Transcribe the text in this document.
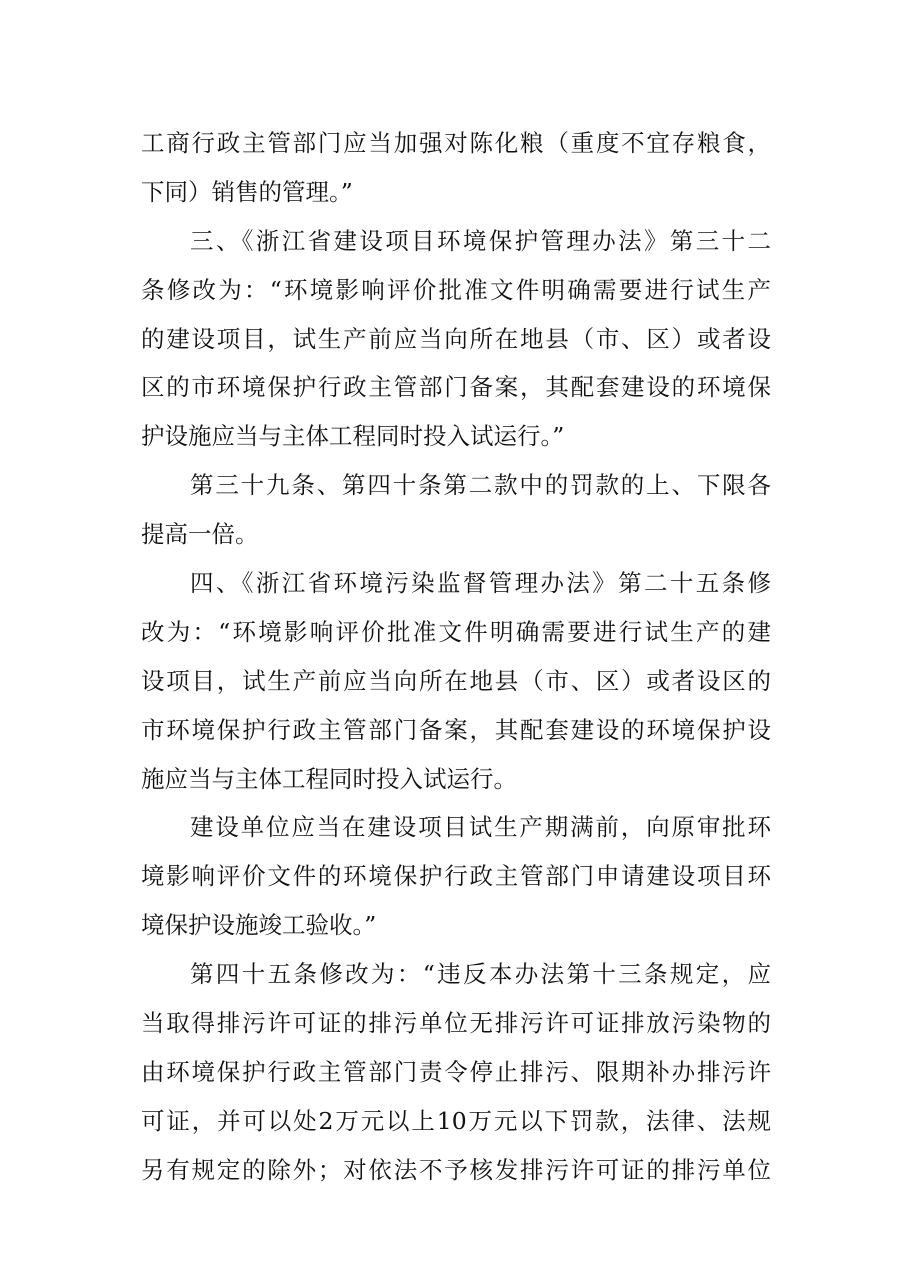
工商行政主管部门应当加强对陈化粮（重度不宜存粮食，
下同）销售的管理。”
三、《浙江省建设项目环境保护管理办法》第三十二
条修改为：“环境影响评价批准文件明确需要进行试生产
的建设项目，试生产前应当向所在地县（市、区）或者设
区的市环境保护行政主管部门备案，其配套建设的环境保
护设施应当与主体工程同时投入试运行。”
第三十九条、第四十条第二款中的罚款的上、下限各
提高一倍。
四、《浙江省环境污染监督管理办法》第二十五条修
改为：“环境影响评价批准文件明确需要进行试生产的建
设项目，试生产前应当向所在地县（市、区）或者设区的
市环境保护行政主管部门备案，其配套建设的环境保护设
施应当与主体工程同时投入试运行。
建设单位应当在建设项目试生产期满前，向原审批环
境影响评价文件的环境保护行政主管部门申请建设项目环
境保护设施竣工验收。”
第四十五条修改为：“违反本办法第十三条规定，应
当取得排污许可证的排污单位无排污许可证排放污染物的
由环境保护行政主管部门责令停止排污、限期补办排污许
可证，并可以处2万元以上10万元以下罚款，法律、法规
另有规定的除外；对依法不予核发排污许可证的排污单位
